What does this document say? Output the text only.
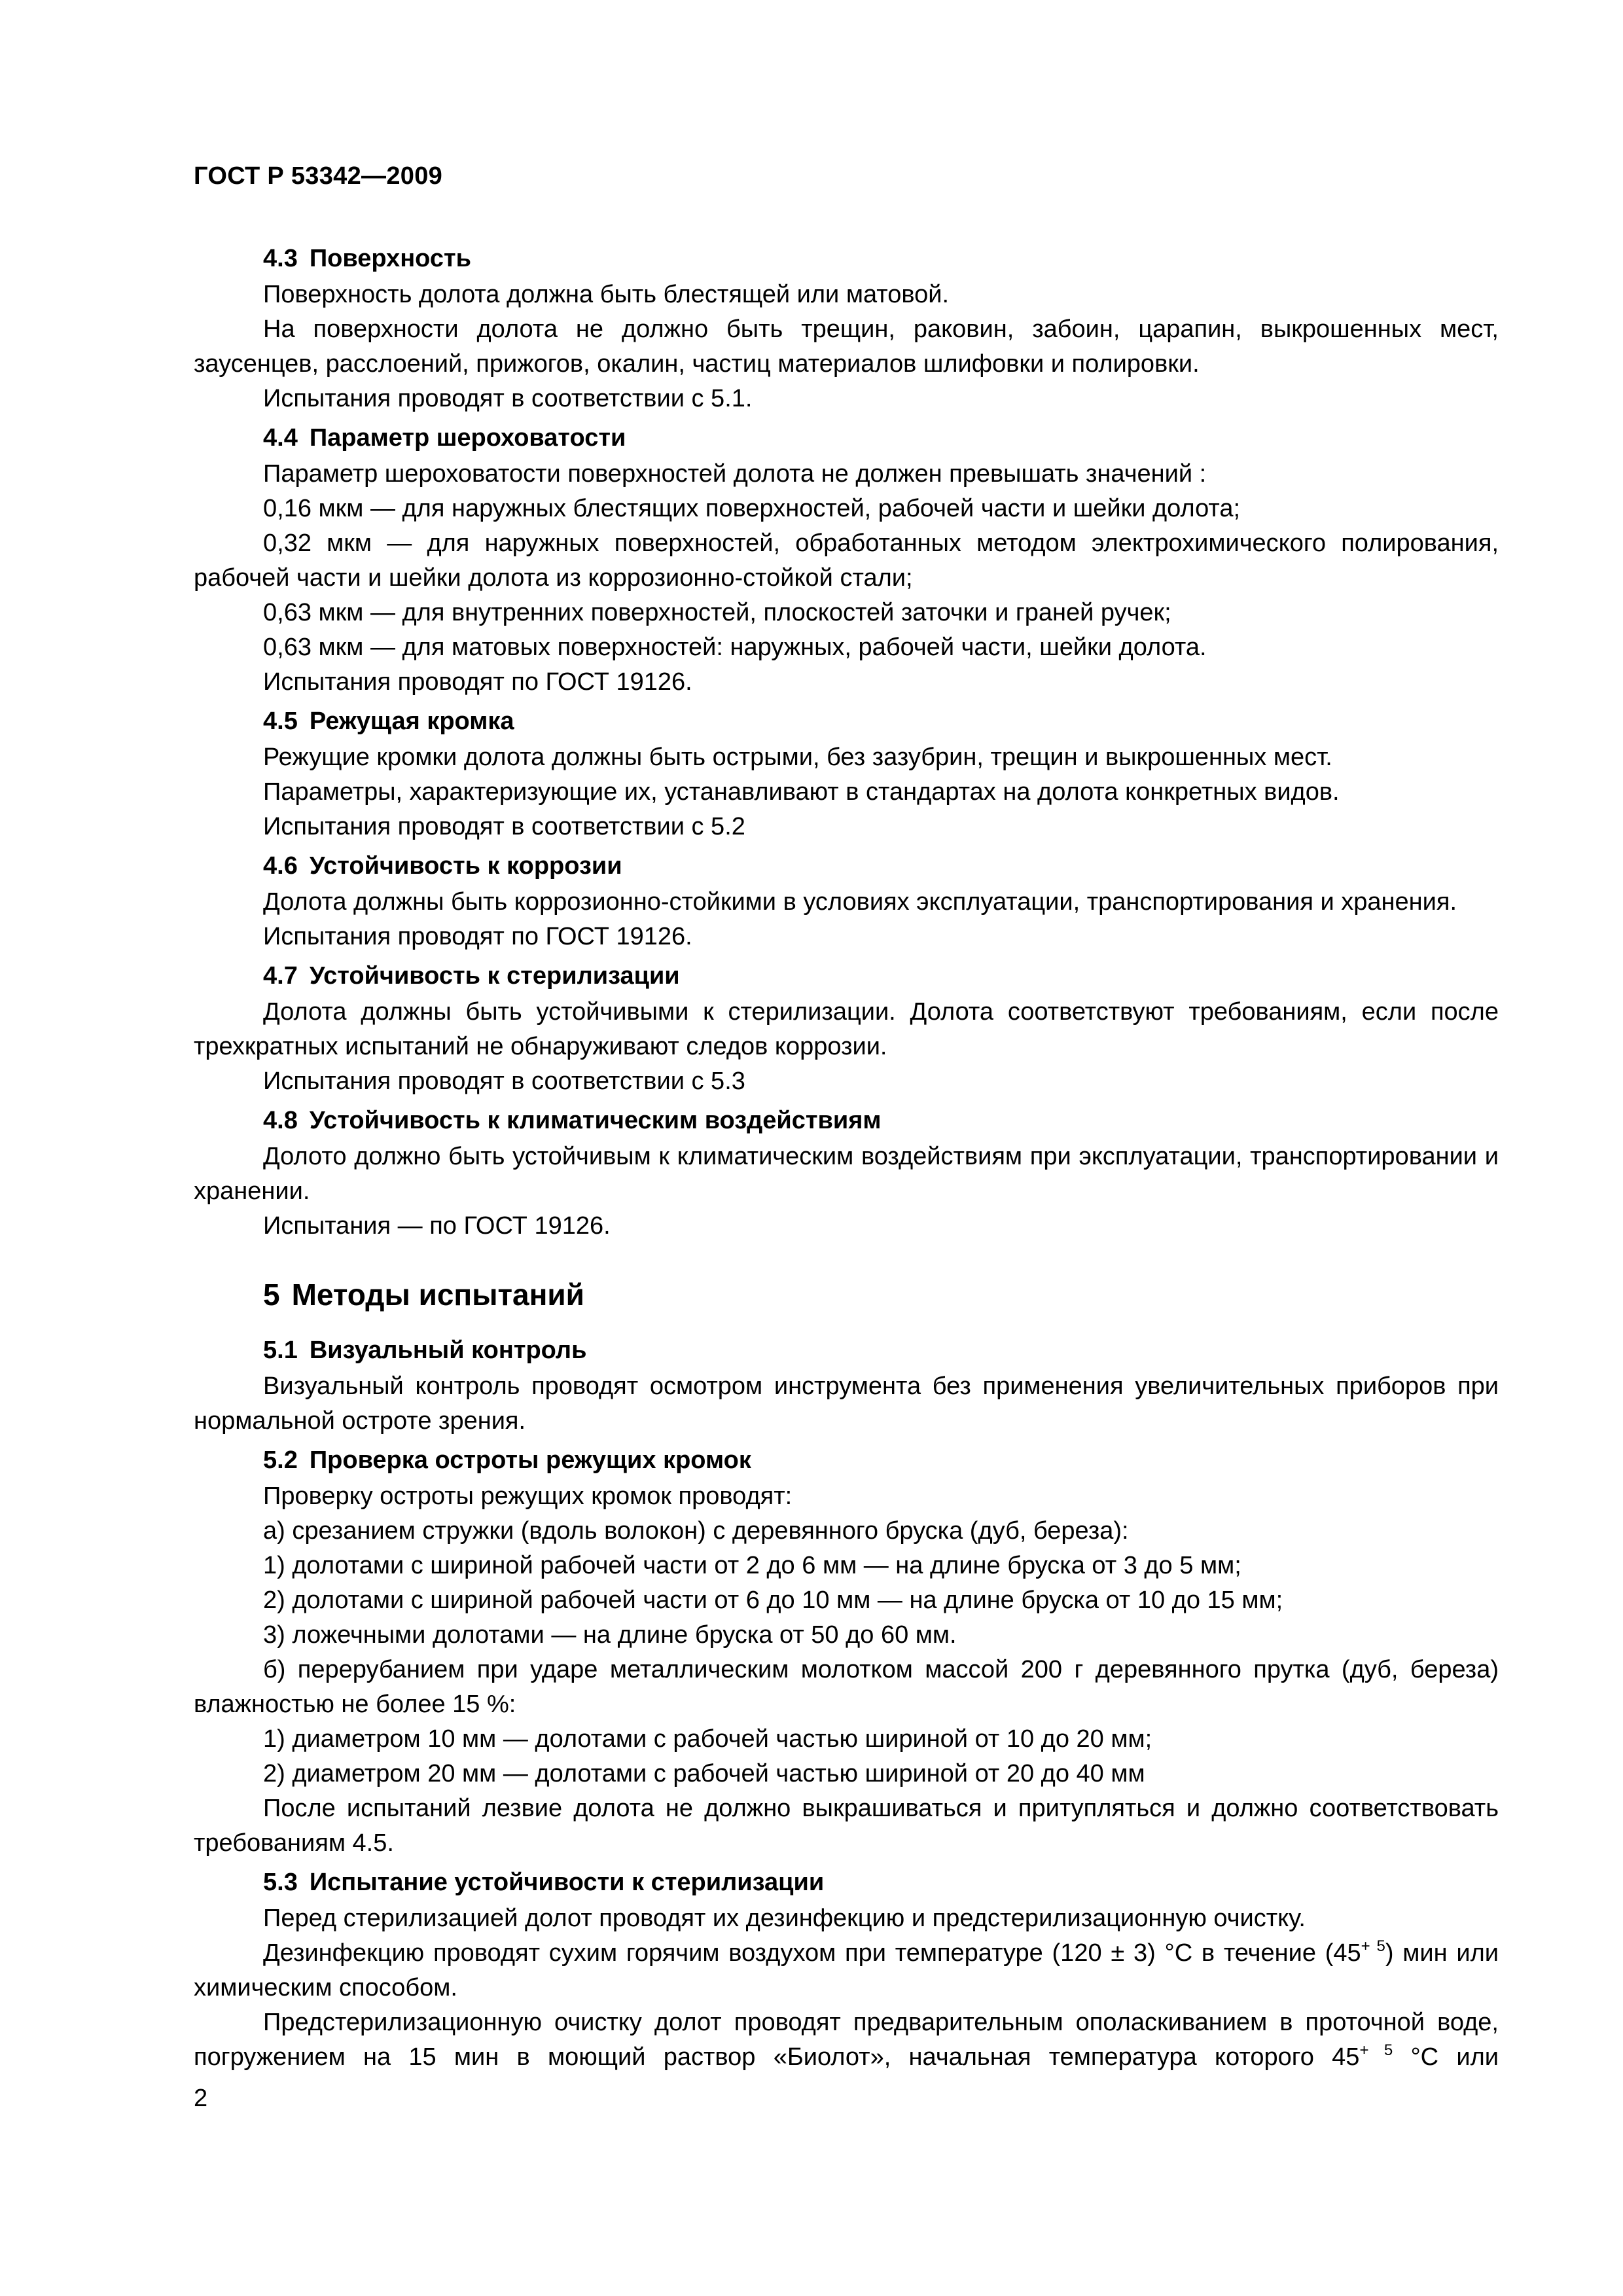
ГОСТ Р 53342—2009
4.3 Поверхность

Поверхность долота должна быть блестящей или матовой.

На поверхности долота не должно быть трещин, раковин, забоин, царапин, выкрошенных мест, заусенцев, расслоений, прижогов, окалин, частиц материалов шлифовки и полировки.

Испытания проводят в соответствии с 5.1.

4.4 Параметр шероховатости

Параметр шероховатости поверхностей долота не должен превышать значений :

0,16 мкм — для наружных блестящих поверхностей, рабочей части и шейки долота;

0,32 мкм — для наружных поверхностей, обработанных методом электрохимического полирования, рабочей части и шейки долота из коррозионно-стойкой стали;

0,63 мкм — для внутренних поверхностей, плоскостей заточки и граней ручек;

0,63 мкм — для матовых поверхностей: наружных, рабочей части, шейки долота.

Испытания проводят по ГОСТ 19126.

4.5 Режущая кромка

Режущие кромки долота должны быть острыми, без зазубрин, трещин и выкрошенных мест.

Параметры, характеризующие их, устанавливают в стандартах на долота конкретных видов.

Испытания проводят в соответствии с 5.2

4.6 Устойчивость к коррозии

Долота должны быть коррозионно-стойкими в условиях эксплуатации, транспортирования и хранения.

Испытания проводят по ГОСТ 19126.

4.7 Устойчивость к стерилизации

Долота должны быть устойчивыми к стерилизации. Долота соответствуют требованиям, если после трехкратных испытаний не обнаруживают следов коррозии.

Испытания проводят в соответствии с 5.3

4.8 Устойчивость к климатическим воздействиям

Долото должно быть устойчивым к климатическим воздействиям при эксплуатации, транспортировании и хранении.

Испытания — по ГОСТ 19126.

5 Методы испытаний
5.1 Визуальный контроль

Визуальный контроль проводят осмотром инструмента без применения увеличительных приборов при нормальной остроте зрения.

5.2 Проверка остроты режущих кромок

Проверку остроты режущих кромок проводят:

а) срезанием стружки (вдоль волокон) с деревянного бруска (дуб, береза):

1) долотами с шириной рабочей части от 2 до 6 мм — на длине бруска от 3 до 5 мм;

2) долотами с шириной рабочей части от 6 до 10 мм — на длине бруска от 10 до 15 мм;

3) ложечными долотами — на длине бруска от 50 до 60 мм.

б) перерубанием при ударе металлическим молотком массой 200 г деревянного прутка (дуб, береза) влажностью не более 15 %:

1) диаметром 10 мм — долотами с рабочей частью шириной от 10 до 20 мм;

2) диаметром 20 мм — долотами с рабочей частью шириной от 20 до 40 мм

После испытаний лезвие долота не должно выкрашиваться и притупляться и должно соответствовать требованиям 4.5.

5.3 Испытание устойчивости к стерилизации

Перед стерилизацией долот проводят их дезинфекцию и предстерилизационную очистку.

Дезинфекцию проводят сухим горячим воздухом при температуре (120 ± 3) °С в течение $(45^{+ 5})$ мин или химическим способом.

Предстерилизационную очистку долот проводят предварительным ополаскиванием в проточной воде, погружением на 15 мин в моющий раствор «Биолот», начальная температура которого $45^{+ 5}$ °С или

2
